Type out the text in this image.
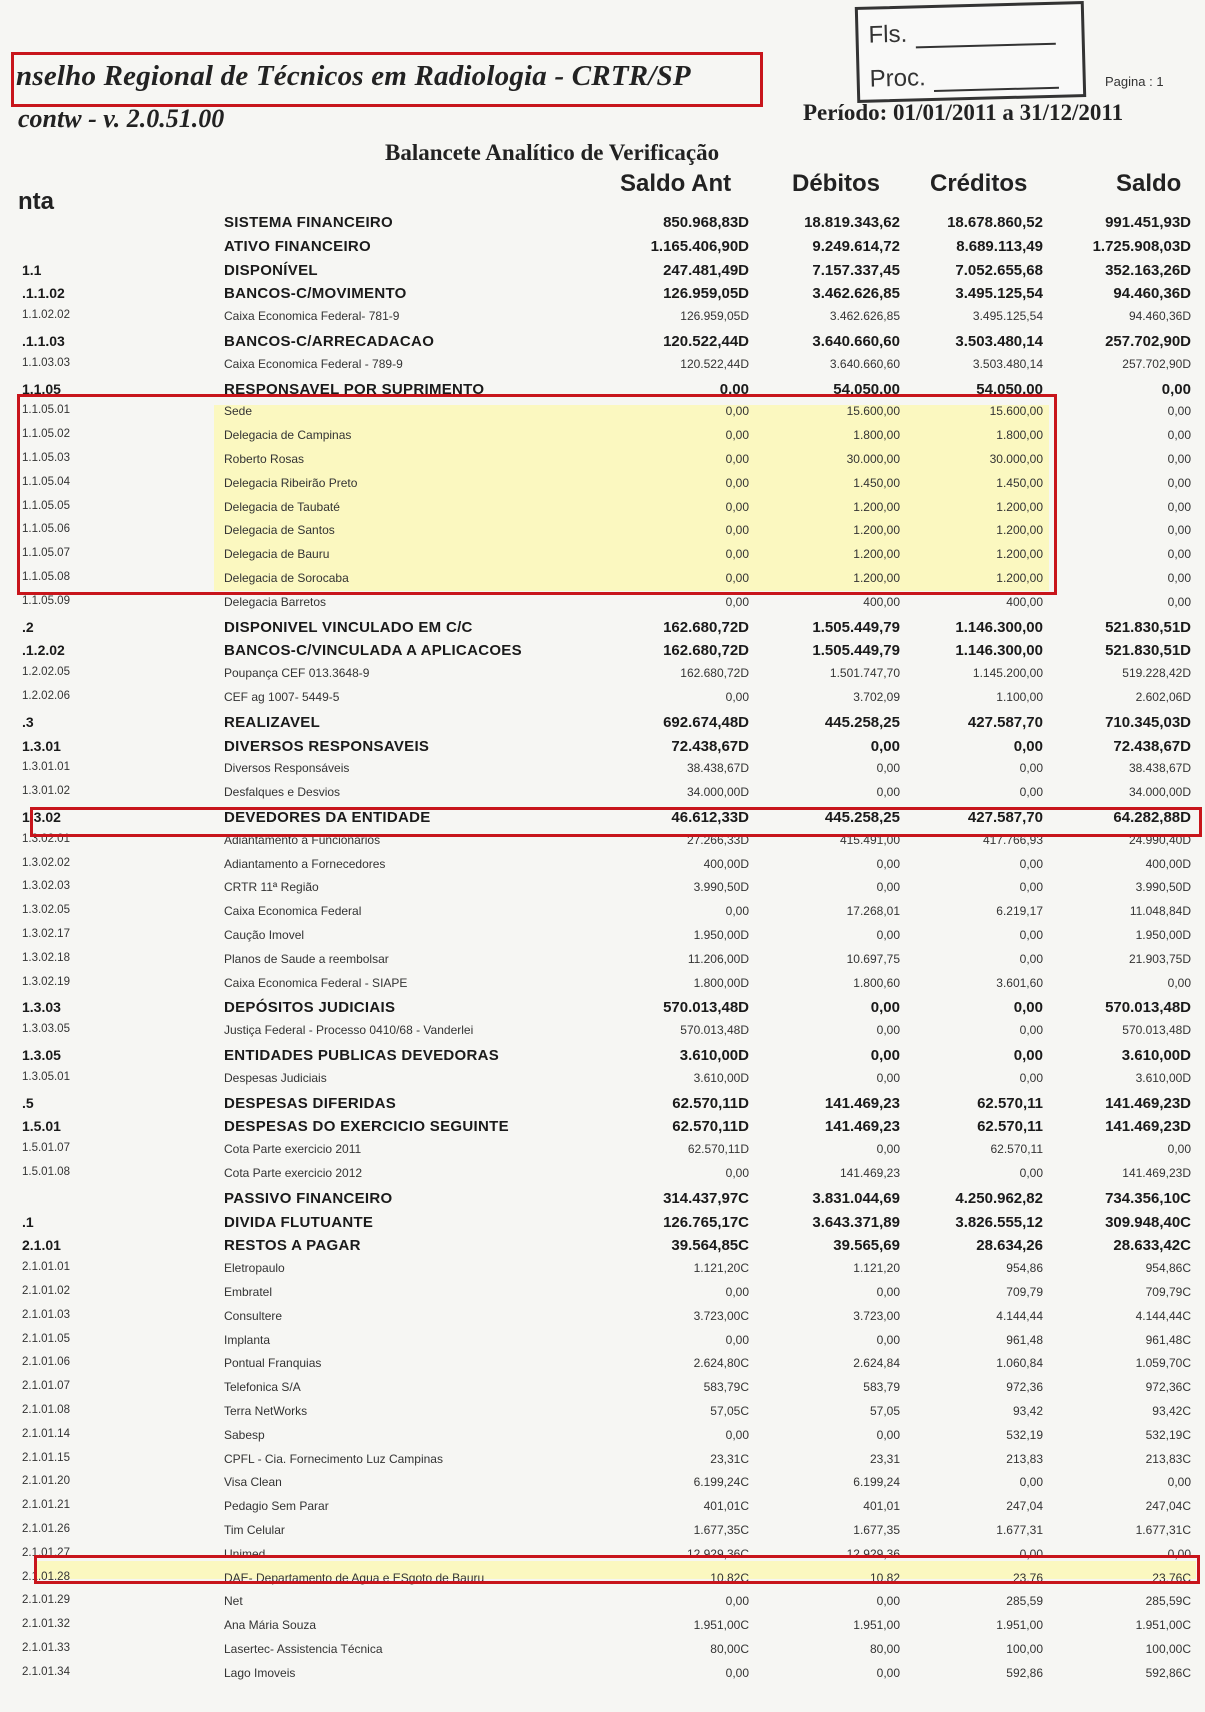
nselho Regional de Técnicos em Radiologia - CRTR/SP
contw - v. 2.0.51.00
Fls.
Proc.	Pagina : 1
Período: 01/01/2011 a 31/12/2011
Balancete Analítico de Verificação
nta
Saldo Ant	Débitos Créditos	Saldo
SISTEMA FINANCEIRO	850.968,83D	18.819.343,62	18.678.860,52	991.451,93D
ATIVO FINANCEIRO	1.165.406,90D	9.249.614,72	8.689.113,49	1.725.908,03D
1.1	DISPONÍVEL	247.481,49D	7.157.337,45	7.052.655,68	352.163,26D
.1.1.02	BANCOS-C/MOVIMENTO	126.959,05D	3.462.626,85	3.495.125,54	94.460,36D
1.1.02.02	Caixa Economica Federal- 781-9	126.959,05D	3.462.626,85	3.495.125,54	94.460,36D
.1.1.03	BANCOS-C/ARRECADACAO	120.522,44D	3.640.660,60	3.503.480,14	257.702,90D
1.1.03.03	Caixa Economica Federal - 789-9	120.522,44D	3.640.660,60	3.503.480,14	257.702,90D
1.1.05	RESPONSAVEL POR SUPRIMENTO	0,00	54.050,00	54.050,00	0,00
1.1.05.01	Sede	0,00	15.600,00	15.600,00	0,00
1.1.05.02	Delegacia de Campinas	0,00	1.800,00	1.800,00	0,00
1.1.05.03	Roberto Rosas	0,00	30.000,00	30.000,00	0,00
1.1.05.04	Delegacia Ribeirão Preto	0,00	1.450,00	1.450,00	0,00
1.1.05.05	Delegacia de Taubaté	0,00	1.200,00	1.200,00	0,00
1.1.05.06	Delegacia de Santos	0,00	1.200,00	1.200,00	0,00
1.1.05.07	Delegacia de Bauru	0,00	1.200,00	1.200,00	0,00
1.1.05.08	Delegacia de Sorocaba	0,00	1.200,00	1.200,00	0,00
1.1.05.09	Delegacia Barretos	0,00	400,00	400,00	0,00
.2	DISPONIVEL VINCULADO EM C/C	162.680,72D	1.505.449,79	1.146.300,00	521.830,51D
.1.2.02	BANCOS-C/VINCULADA A APLICACOES	162.680,72D	1.505.449,79	1.146.300,00	521.830,51D
1.2.02.05	Poupança CEF 013.3648-9	162.680,72D	1.501.747,70	1.145.200,00	519.228,42D
1.2.02.06	CEF ag 1007- 5449-5	0,00	3.702,09	1.100,00	2.602,06D
.3	REALIZAVEL	692.674,48D	445.258,25	427.587,70	710.345,03D
1.3.01	DIVERSOS RESPONSAVEIS	72.438,67D	0,00	0,00	72.438,67D
1.3.01.01	Diversos Responsáveis	38.438,67D	0,00	0,00	38.438,67D
1.3.01.02	Desfalques e Desvios	34.000,00D	0,00	0,00	34.000,00D
1.3.02	DEVEDORES DA ENTIDADE	46.612,33D	445.258,25	427.587,70	64.282,88D
1.3.02.01	Adiantamento a Funcionários	27.266,33D	415.491,00	417.766,93	24.990,40D
1.3.02.02	Adiantamento a Fornecedores	400,00D	0,00	0,00	400,00D
1.3.02.03	CRTR 11ª Região	3.990,50D	0,00	0,00	3.990,50D
1.3.02.05	Caixa Economica Federal	0,00	17.268,01	6.219,17	11.048,84D
1.3.02.17	Caução Imovel	1.950,00D	0,00	0,00	1.950,00D
1.3.02.18	Planos de Saude a reembolsar	11.206,00D	10.697,75	0,00	21.903,75D
1.3.02.19	Caixa Economica Federal - SIAPE	1.800,00D	1.800,60	3.601,60	0,00
1.3.03	DEPÓSITOS JUDICIAIS	570.013,48D	0,00	0,00	570.013,48D
1.3.03.05	Justiça Federal - Processo 0410/68 - Vanderlei	570.013,48D	0,00	0,00	570.013,48D
1.3.05	ENTIDADES PUBLICAS DEVEDORAS	3.610,00D	0,00	0,00	3.610,00D
1.3.05.01	Despesas Judiciais	3.610,00D	0,00	0,00	3.610,00D
.5	DESPESAS DIFERIDAS	62.570,11D	141.469,23	62.570,11	141.469,23D
1.5.01	DESPESAS DO EXERCICIO SEGUINTE	62.570,11D	141.469,23	62.570,11	141.469,23D
1.5.01.07	Cota Parte exercicio 2011	62.570,11D	0,00	62.570,11	0,00
1.5.01.08	Cota Parte exercicio 2012	0,00	141.469,23	0,00	141.469,23D
PASSIVO FINANCEIRO	314.437,97C	3.831.044,69	4.250.962,82	734.356,10C
.1	DIVIDA FLUTUANTE	126.765,17C	3.643.371,89	3.826.555,12	309.948,40C
2.1.01	RESTOS A PAGAR	39.564,85C	39.565,69	28.634,26	28.633,42C
2.1.01.01	Eletropaulo	1.121,20C	1.121,20	954,86	954,86C
2.1.01.02	Embratel	0,00	0,00	709,79	709,79C
2.1.01.03	Consultere	3.723,00C	3.723,00	4.144,44	4.144,44C
2.1.01.05	Implanta	0,00	0,00	961,48	961,48C
2.1.01.06	Pontual Franquias	2.624,80C	2.624,84	1.060,84	1.059,70C
2.1.01.07	Telefonica S/A	583,79C	583,79	972,36	972,36C
2.1.01.08	Terra NetWorks	57,05C	57,05	93,42	93,42C
2.1.01.14	Sabesp	0,00	0,00	532,19	532,19C
2.1.01.15	CPFL - Cia. Fornecimento Luz Campinas	23,31C	23,31	213,83	213,83C
2.1.01.20	Visa Clean	6.199,24C	6.199,24	0,00	0,00
2.1.01.21	Pedagio Sem Parar	401,01C	401,01	247,04	247,04C
2.1.01.26	Tim Celular	1.677,35C	1.677,35	1.677,31	1.677,31C
2.1.01.27	Unimed	12.929,36C	12.929,36	0,00	0,00
2.1.01.28	DAE- Departamento de Agua e ESgoto de Bauru	10,82C	10,82	23,76	23,76C
2.1.01.29	Net	0,00	0,00	285,59	285,59C
2.1.01.32	Ana Mária Souza	1.951,00C	1.951,00	1.951,00	1.951,00C
2.1.01.33	Lasertec- Assistencia Técnica	80,00C	80,00	100,00	100,00C
2.1.01.34	Lago Imoveis	0,00	0,00	592,86	592,86C
